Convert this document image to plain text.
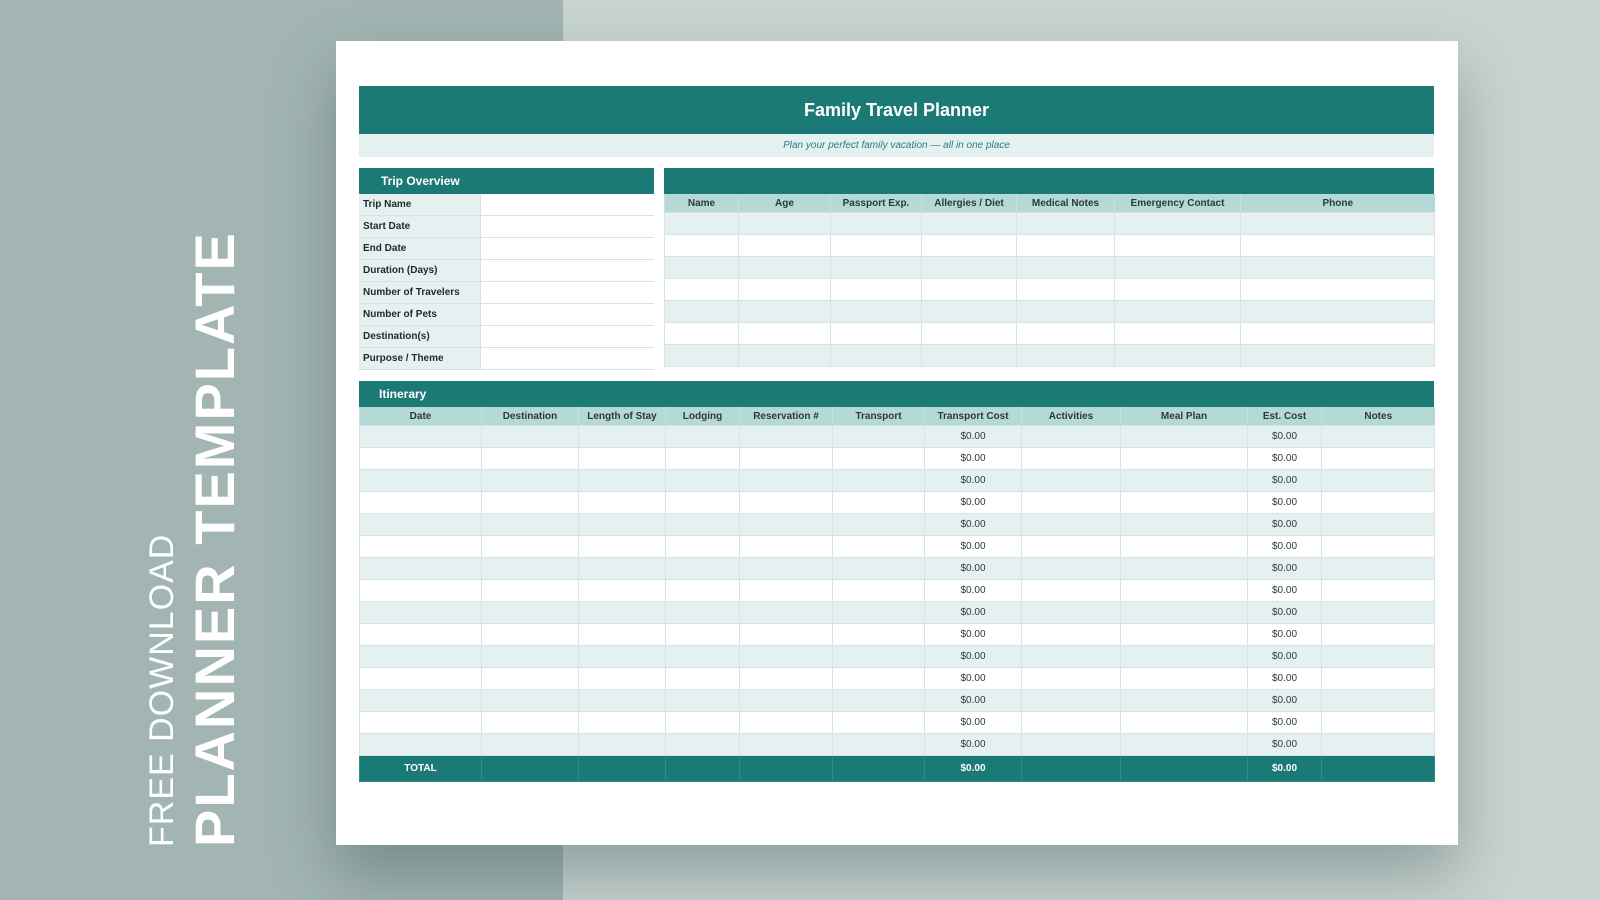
FREE DOWNLOAD PLANNER TEMPLATE
Family Travel Planner
Plan your perfect family vacation — all in one place
Trip Overview
Trip Name
Start Date
End Date
Duration (Days)
Number of Travelers
Number of Pets
Destination(s)
Purpose / Theme
Name	Age	Passport Exp.	Allergies / Diet	Medical Notes	Emergency Contact	Phone

Itinerary
Date	Destination	Length of Stay	Lodging	Reservation #	Transport	Transport Cost	Activities	Meal Plan	Est. Cost	Notes
						$0.00			$0.00	
						$0.00			$0.00	
						$0.00			$0.00	
						$0.00			$0.00	
						$0.00			$0.00	
						$0.00			$0.00	
						$0.00			$0.00	
						$0.00			$0.00	
						$0.00			$0.00	
						$0.00			$0.00	
						$0.00			$0.00	
						$0.00			$0.00	
						$0.00			$0.00	
						$0.00			$0.00	
						$0.00			$0.00	
TOTAL						$0.00			$0.00	
